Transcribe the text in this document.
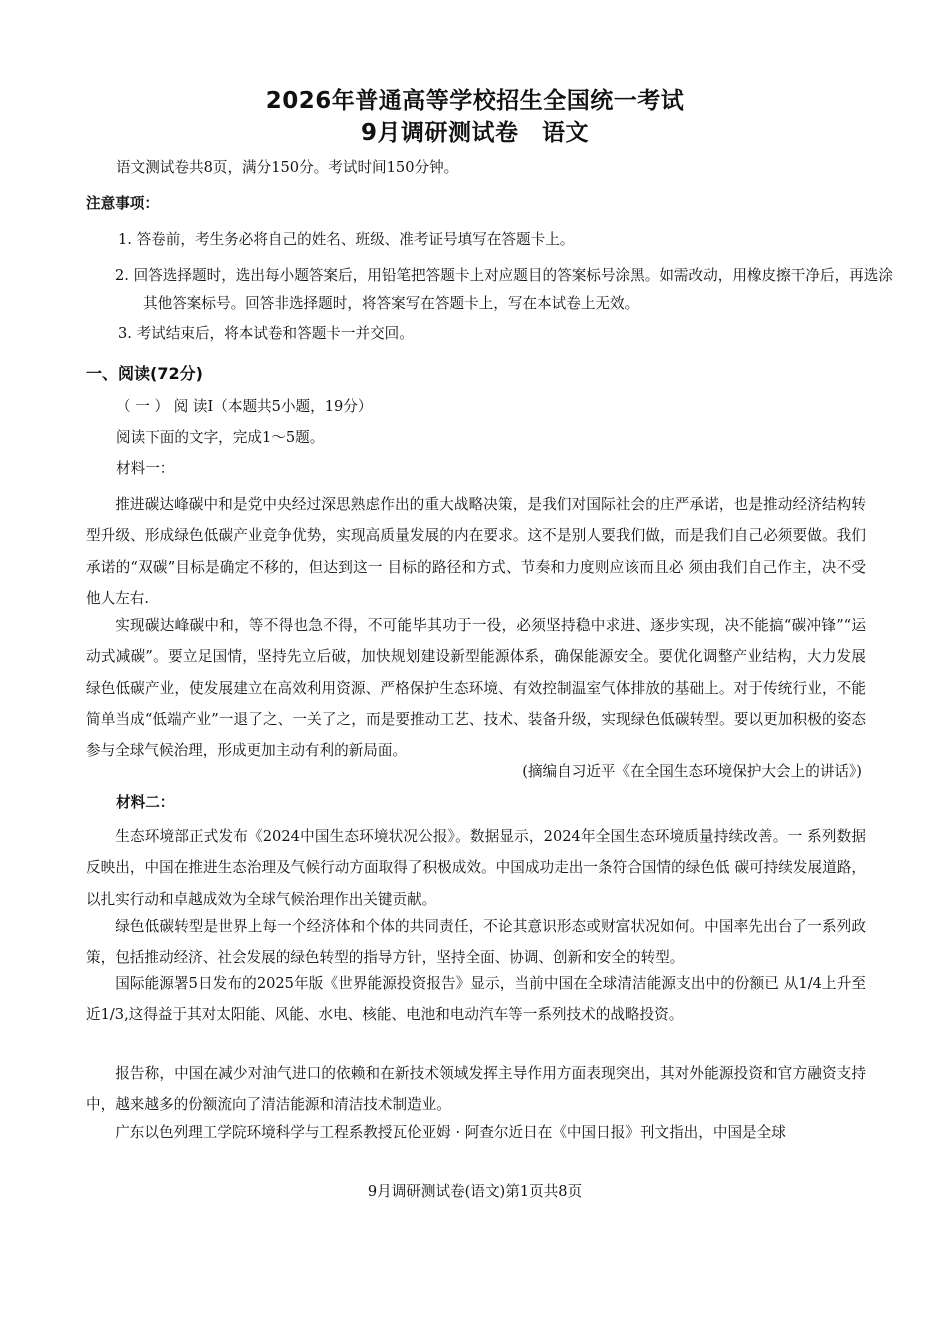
2026年普通高等学校招生全国统一考试
9月调研测试卷　语文
语文测试卷共8页，满分150分。考试时间150分钟。
注意事项：
1. 答卷前，考生务必将自己的姓名、班级、准考证号填写在答题卡上。

2. 回答选择题时，选出每小题答案后，用铅笔把答题卡上对应题目的答案标号涂黑。如需改动，用橡皮擦干净后，再选涂其他答案标号。回答非选择题时，将答案写在答题卡上，写在本试卷上无效。

3. 考试结束后，将本试卷和答题卡一并交回。
一、阅读(72分)
（ 一 ） 阅 读Ⅰ（本题共5小题，19分）
阅读下面的文字，完成1～5题。
材料一：

推进碳达峰碳中和是党中央经过深思熟虑作出的重大战略决策，是我们对国际社会的庄严承诺，也是推动经济结构转型升级、形成绿色低碳产业竞争优势，实现高质量发展的内在要求。这不是别人要我们做，而是我们自己必须要做。我们承诺的“双碳”目标是确定不移的，但达到这一 目标的路径和方式、节奏和力度则应该而且必 须由我们自己作主，决不受他人左右.

实现碳达峰碳中和，等不得也急不得，不可能毕其功于一役，必须坚持稳中求进、逐步实现，决不能搞“碳冲锋”“运动式减碳”。要立足国情，坚持先立后破，加快规划建设新型能源体系，确保能源安全。要优化调整产业结构，大力发展绿色低碳产业，使发展建立在高效利用资源、严格保护生态环境、有效控制温室气体排放的基础上。对于传统行业，不能简单当成“低端产业”一退了之、一关了之，而是要推动工艺、技术、装备升级，实现绿色低碳转型。要以更加积极的姿态参与全球气候治理，形成更加主动有利的新局面。

(摘编自习近平《在全国生态环境保护大会上的讲话》)
材料二：

生态环境部正式发布《2024中国生态环境状况公报》。数据显示，2024年全国生态环境质量持续改善。一 系列数据反映出，中国在推进生态治理及气候行动方面取得了积极成效。中国成功走出一条符合国情的绿色低 碳可持续发展道路，以扎实行动和卓越成效为全球气候治理作出关键贡献。

绿色低碳转型是世界上每一个经济体和个体的共同责任，不论其意识形态或财富状况如何。中国率先出台了一系列政策，包括推动经济、社会发展的绿色转型的指导方针，坚持全面、协调、创新和安全的转型。

国际能源署5日发布的2025年版《世界能源投资报告》显示，当前中国在全球清洁能源支出中的份额已 从1/4上升至近1/3,这得益于其对太阳能、风能、水电、核能、电池和电动汽车等一系列技术的战略投资。

报告称，中国在减少对油气进口的依赖和在新技术领域发挥主导作用方面表现突出，其对外能源投资和官方融资支持中，越来越多的份额流向了清洁能源和清洁技术制造业。

广东以色列理工学院环境科学与工程系教授瓦伦亚姆 · 阿查尔近日在《中国日报》刊文指出，中国是全球

9月调研测试卷(语文)第1页共8页
